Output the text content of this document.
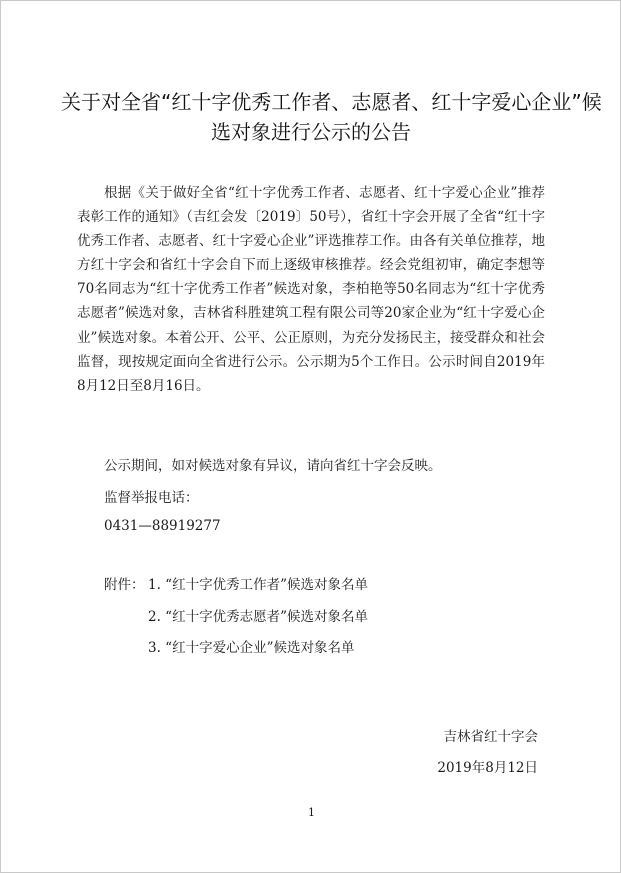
关于对全省“红十字优秀工作者、志愿者、红十字爱心企业”候
选对象进行公示的公告
根据《关于做好全省“红十字优秀工作者、志愿者、红十字爱心企业”推荐表彰工作的通知》（吉红会发〔2019〕50号），省红十字会开展了全省“红十字优秀工作者、志愿者、红十字爱心企业”评选推荐工作。由各有关单位推荐，地方红十字会和省红十字会自下而上逐级审核推荐。经会党组初审，确定李想等70名同志为“红十字优秀工作者”候选对象，李柏艳等50名同志为“红十字优秀志愿者”候选对象，吉林省科胜建筑工程有限公司等20家企业为“红十字爱心企业”候选对象。本着公开、公平、公正原则，为充分发扬民主，接受群众和社会监督，现按规定面向全省进行公示。公示期为5个工作日。公示时间自2019年8月12日至8月16日。
公示期间，如对候选对象有异议，请向省红十字会反映。
监督举报电话：
0431—88919277
附件： 1. “红十字优秀工作者”候选对象名单
2. “红十字优秀志愿者”候选对象名单
3. “红十字爱心企业”候选对象名单
吉林省红十字会
2019年8月12日
1
